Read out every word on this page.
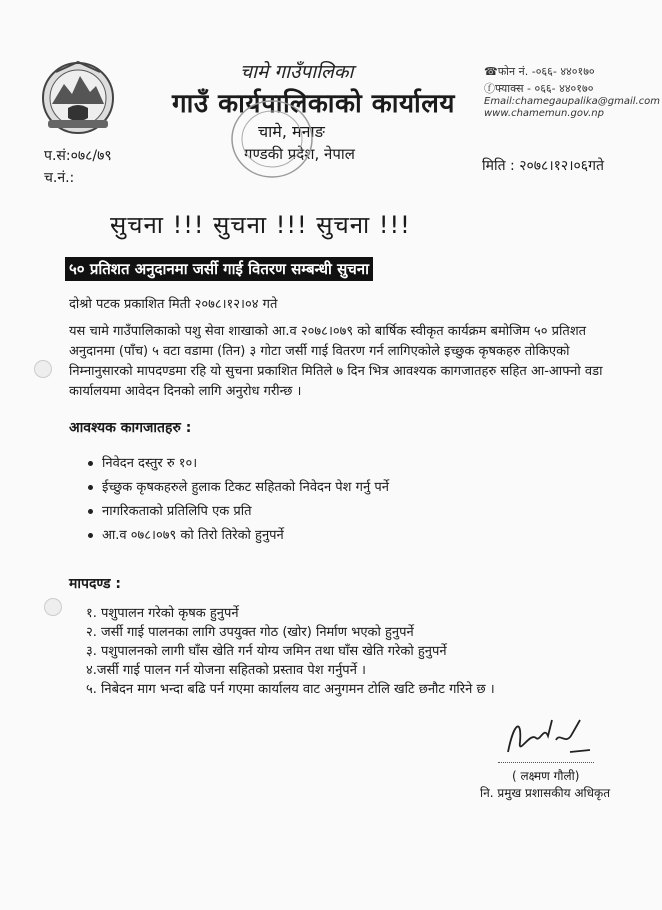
चामे गाउँपालिका
गाउँ कार्यपालिकाको कार्यालय
चामे, मनाङ
गण्डकी प्रदेश, नेपाल
☎फोन नं. -०६६- ४४०१७०
ⓕफ्याक्स - ०६६- ४४०१७०
Email:chamegaupalika@gmail.com
www.chamemun.gov.np
प.सं:०७८/७९
च.नं.:
मिति : २०७८।१२।०६गते
सुचना !!! सुचना !!! सुचना !!!
५० प्रतिशत अनुदानमा जर्सी गाई वितरण सम्बन्धी सुचना
दोश्रो पटक प्रकाशित मिती २०७८।१२।०४ गते
यस चामे गाउँपालिकाको पशु सेवा शाखाको आ.व २०७८।०७९ को बार्षिक स्वीकृत कार्यक्रम बमोजिम ५० प्रतिशत अनुदानमा (पाँच) ५ वटा वडामा (तिन) ३ गोटा जर्सी गाई वितरण गर्न लागिएकोले इच्छुक कृषकहरु तोकिएको निम्नानुसारको मापदण्डमा रहि यो सुचना प्रकाशित मितिले ७ दिन भित्र आवश्यक कागजातहरु सहित आ-आफ्नो वडा कार्यालयमा आवेदन दिनको लागि अनुरोध गरीन्छ ।
आवश्यक कागजातहरु :
निवेदन दस्तुर रु १०।
ईच्छुक कृषकहरुले हुलाक टिकट सहितको निवेदन पेश गर्नु पर्ने
नागरिकताको प्रतिलिपि एक प्रति
आ.व ०७८।०७९ को तिरो तिरेको हुनुपर्ने
मापदण्ड :
१. पशुपालन गरेको कृषक हुनुपर्ने
२. जर्सी गाई पालनका लागि उपयुक्त गोठ (खोर) निर्माण भएको हुनुपर्ने
३. पशुपालनको लागी घाँस खेति गर्न योग्य जमिन तथा घाँस खेति गरेको हुनुपर्ने
४.जर्सी गाई पालन गर्न योजना सहितको प्रस्ताव पेश गर्नुपर्ने ।
५. निबेदन माग भन्दा बढि पर्न गएमा कार्यालय वाट अनुगमन टोलि खटि छनौट गरिने छ ।
( लक्ष्मण गौली)
नि. प्रमुख प्रशासकीय अधिकृत
